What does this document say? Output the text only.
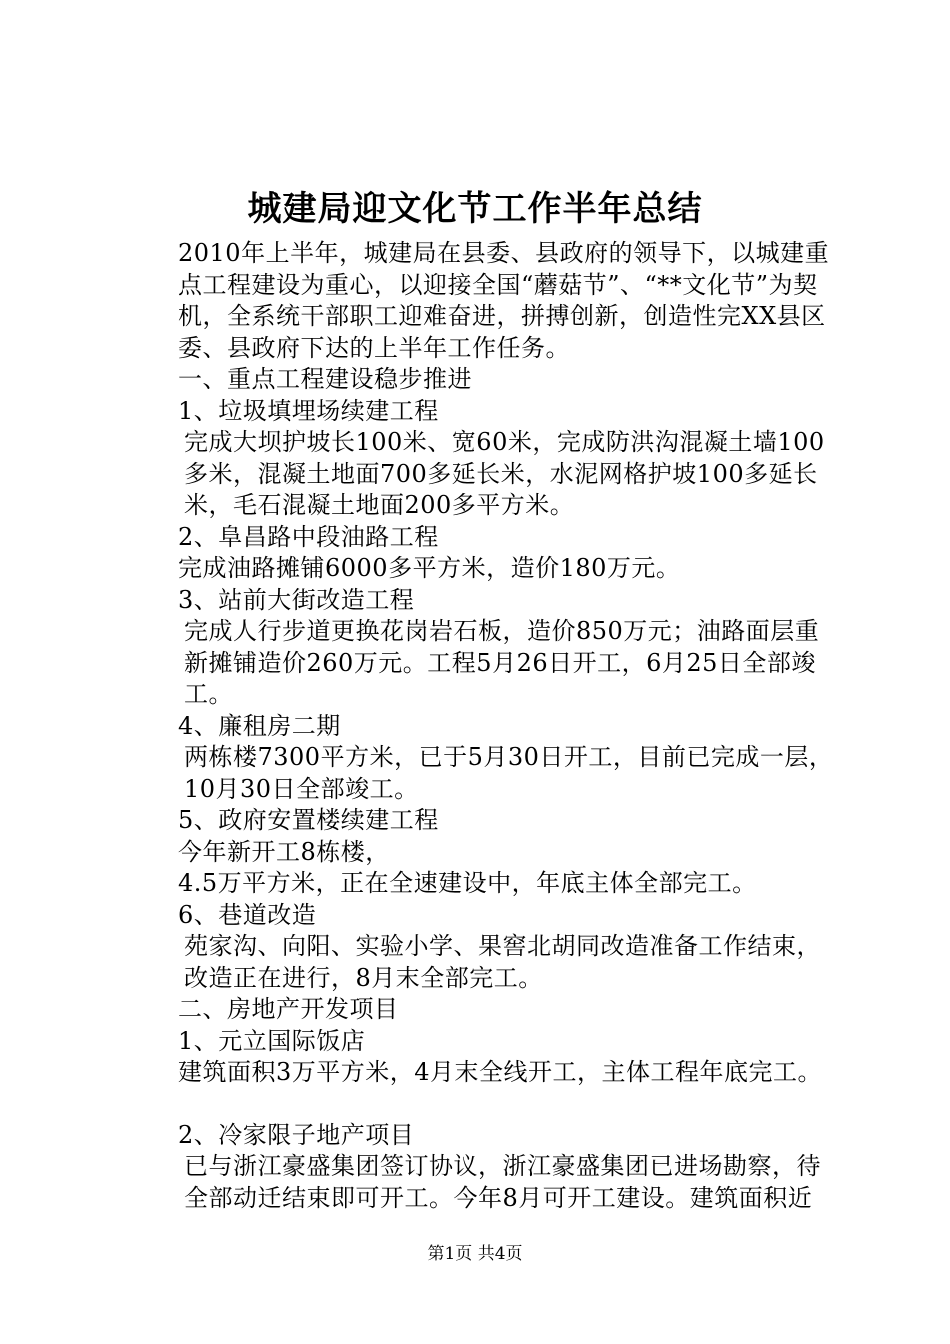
城建局迎文化节工作半年总结

2010年上半年，城建局在县委、县政府的领导下，以城建重点工程建设为重心，以迎接全国“蘑菇节”、“**文化节”为契机，全系统干部职工迎难奋进，拼搏创新，创造性完XX县区委、县政府下达的上半年工作任务。

一、重点工程建设稳步推进

1、垃圾填埋场续建工程

完成大坝护坡长100米、宽60米，完成防洪沟混凝土墙100多米，混凝土地面700多延长米，水泥网格护坡100多延长米，毛石混凝土地面200多平方米。

2、阜昌路中段油路工程

完成油路摊铺6000多平方米，造价180万元。

3、站前大街改造工程

完成人行步道更换花岗岩石板，造价850万元；油路面层重新摊铺造价260万元。工程5月26日开工，6月25日全部竣工。

4、廉租房二期

两栋楼7300平方米，已于5月30日开工，目前已完成一层，10月30日全部竣工。

5、政府安置楼续建工程

今年新开工8栋楼，

4.5万平方米，正在全速建设中，年底主体全部完工。

6、巷道改造

苑家沟、向阳、实验小学、果窖北胡同改造准备工作结束，改造正在进行，8月末全部完工。

二、房地产开发项目

1、元立国际饭店

建筑面积3万平方米，4月末全线开工，主体工程年底完工。

2、冷家限子地产项目

已与浙江豪盛集团签订协议，浙江豪盛集团已进场勘察，待全部动迁结束即可开工。今年8月可开工建设。建筑面积近

第1页 共4页
